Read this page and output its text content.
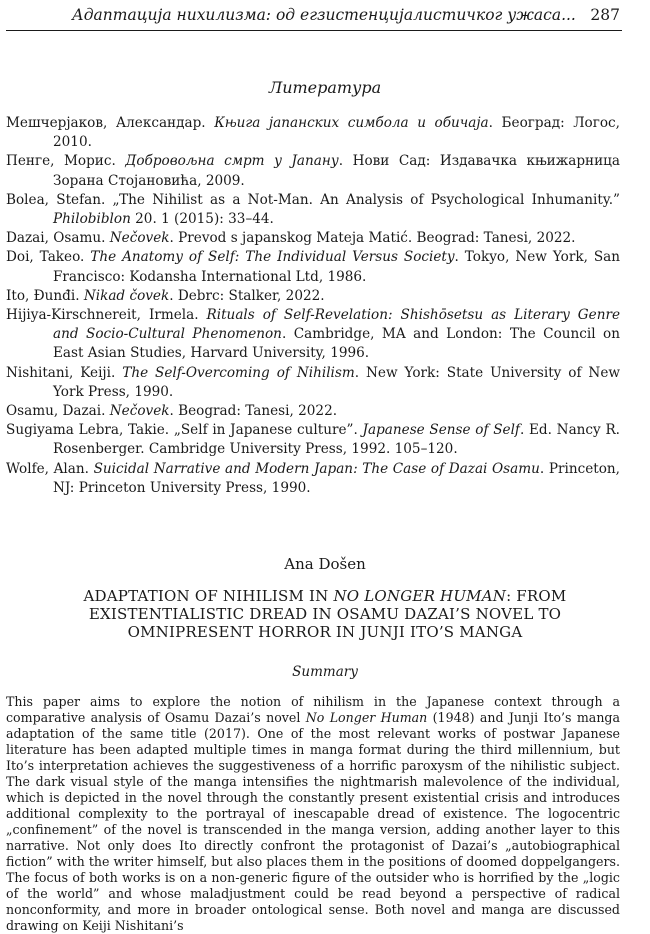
Адаптација нихилизма: од егзистенцијалистичког ужаса... 287
Литература
Мешчерјаков, Александар. Књига јапанских симбола и обичаја. Београд: Логос, 2010.
Пенге, Морис. Добровољна смрт у Јапану. Нови Сад: Издавачка књижарница Зорана Стојановића, 2009.
Bolea, Stefan. „The Nihilist as a Not-Man. An Analysis of Psychological Inhumanity.” Philobiblon 20. 1 (2015): 33–44.
Dazai, Osamu. Nečovek. Prevod s japanskog Mateja Matić. Beograd: Tanesi, 2022.
Doi, Takeo. The Anatomy of Self: The Individual Versus Society. Tokyo, New York, San Francisco: Kodansha International Ltd, 1986.
Ito, Đunđi. Nikad čovek. Debrc: Stalker, 2022.
Hijiya-Kirschnereit, Irmela. Rituals of Self-Revelation: Shishōsetsu as Literary Genre and Socio-Cultural Phenomenon. Cambridge, MA and London: The Council on East Asian Studies, Harvard University, 1996.
Nishitani, Keiji. The Self-Overcoming of Nihilism. New York: State University of New York Press, 1990.
Osamu, Dazai. Nečovek. Beograd: Tanesi, 2022.
Sugiyama Lebra, Takie. „Self in Japanese culture”. Japanese Sense of Self. Ed. Nancy R. Rosenberger. Cambridge University Press, 1992. 105–120.
Wolfe, Alan. Suicidal Narrative and Modern Japan: The Case of Dazai Osamu. Princeton, NJ: Princeton University Press, 1990.
Ana Došen
ADAPTATION OF NIHILISM IN NO LONGER HUMAN: FROM EXISTENTIALISTIC DREAD IN OSAMU DAZAI’S NOVEL TO OMNIPRESENT HORROR IN JUNJI ITO’S MANGA
Summary

This paper aims to explore the notion of nihilism in the Japanese context through a comparative analysis of Osamu Dazai’s novel No Longer Human (1948) and Junji Ito’s manga adaptation of the same title (2017). One of the most relevant works of postwar Japanese literature has been adapted multiple times in manga format during the third millennium, but Ito’s interpretation achieves the suggestiveness of a horrific paroxysm of the nihilistic subject. The dark visual style of the manga intensifies the nightmarish malevolence of the individual, which is depicted in the novel through the constantly present existential crisis and introduces additional complexity to the portrayal of inescapable dread of existence. The logocentric „confinement” of the novel is transcended in the manga version, adding another layer to this narrative. Not only does Ito directly confront the protagonist of Dazai’s „autobiographical fiction” with the writer himself, but also places them in the positions of doomed doppelgangers. The focus of both works is on a non-generic figure of the outsider who is horrified by the „logic of the world” and whose maladjustment could be read beyond a perspective of radical nonconformity, and more in broader ontological sense. Both novel and manga are discussed drawing on Keiji Nishitani’s
